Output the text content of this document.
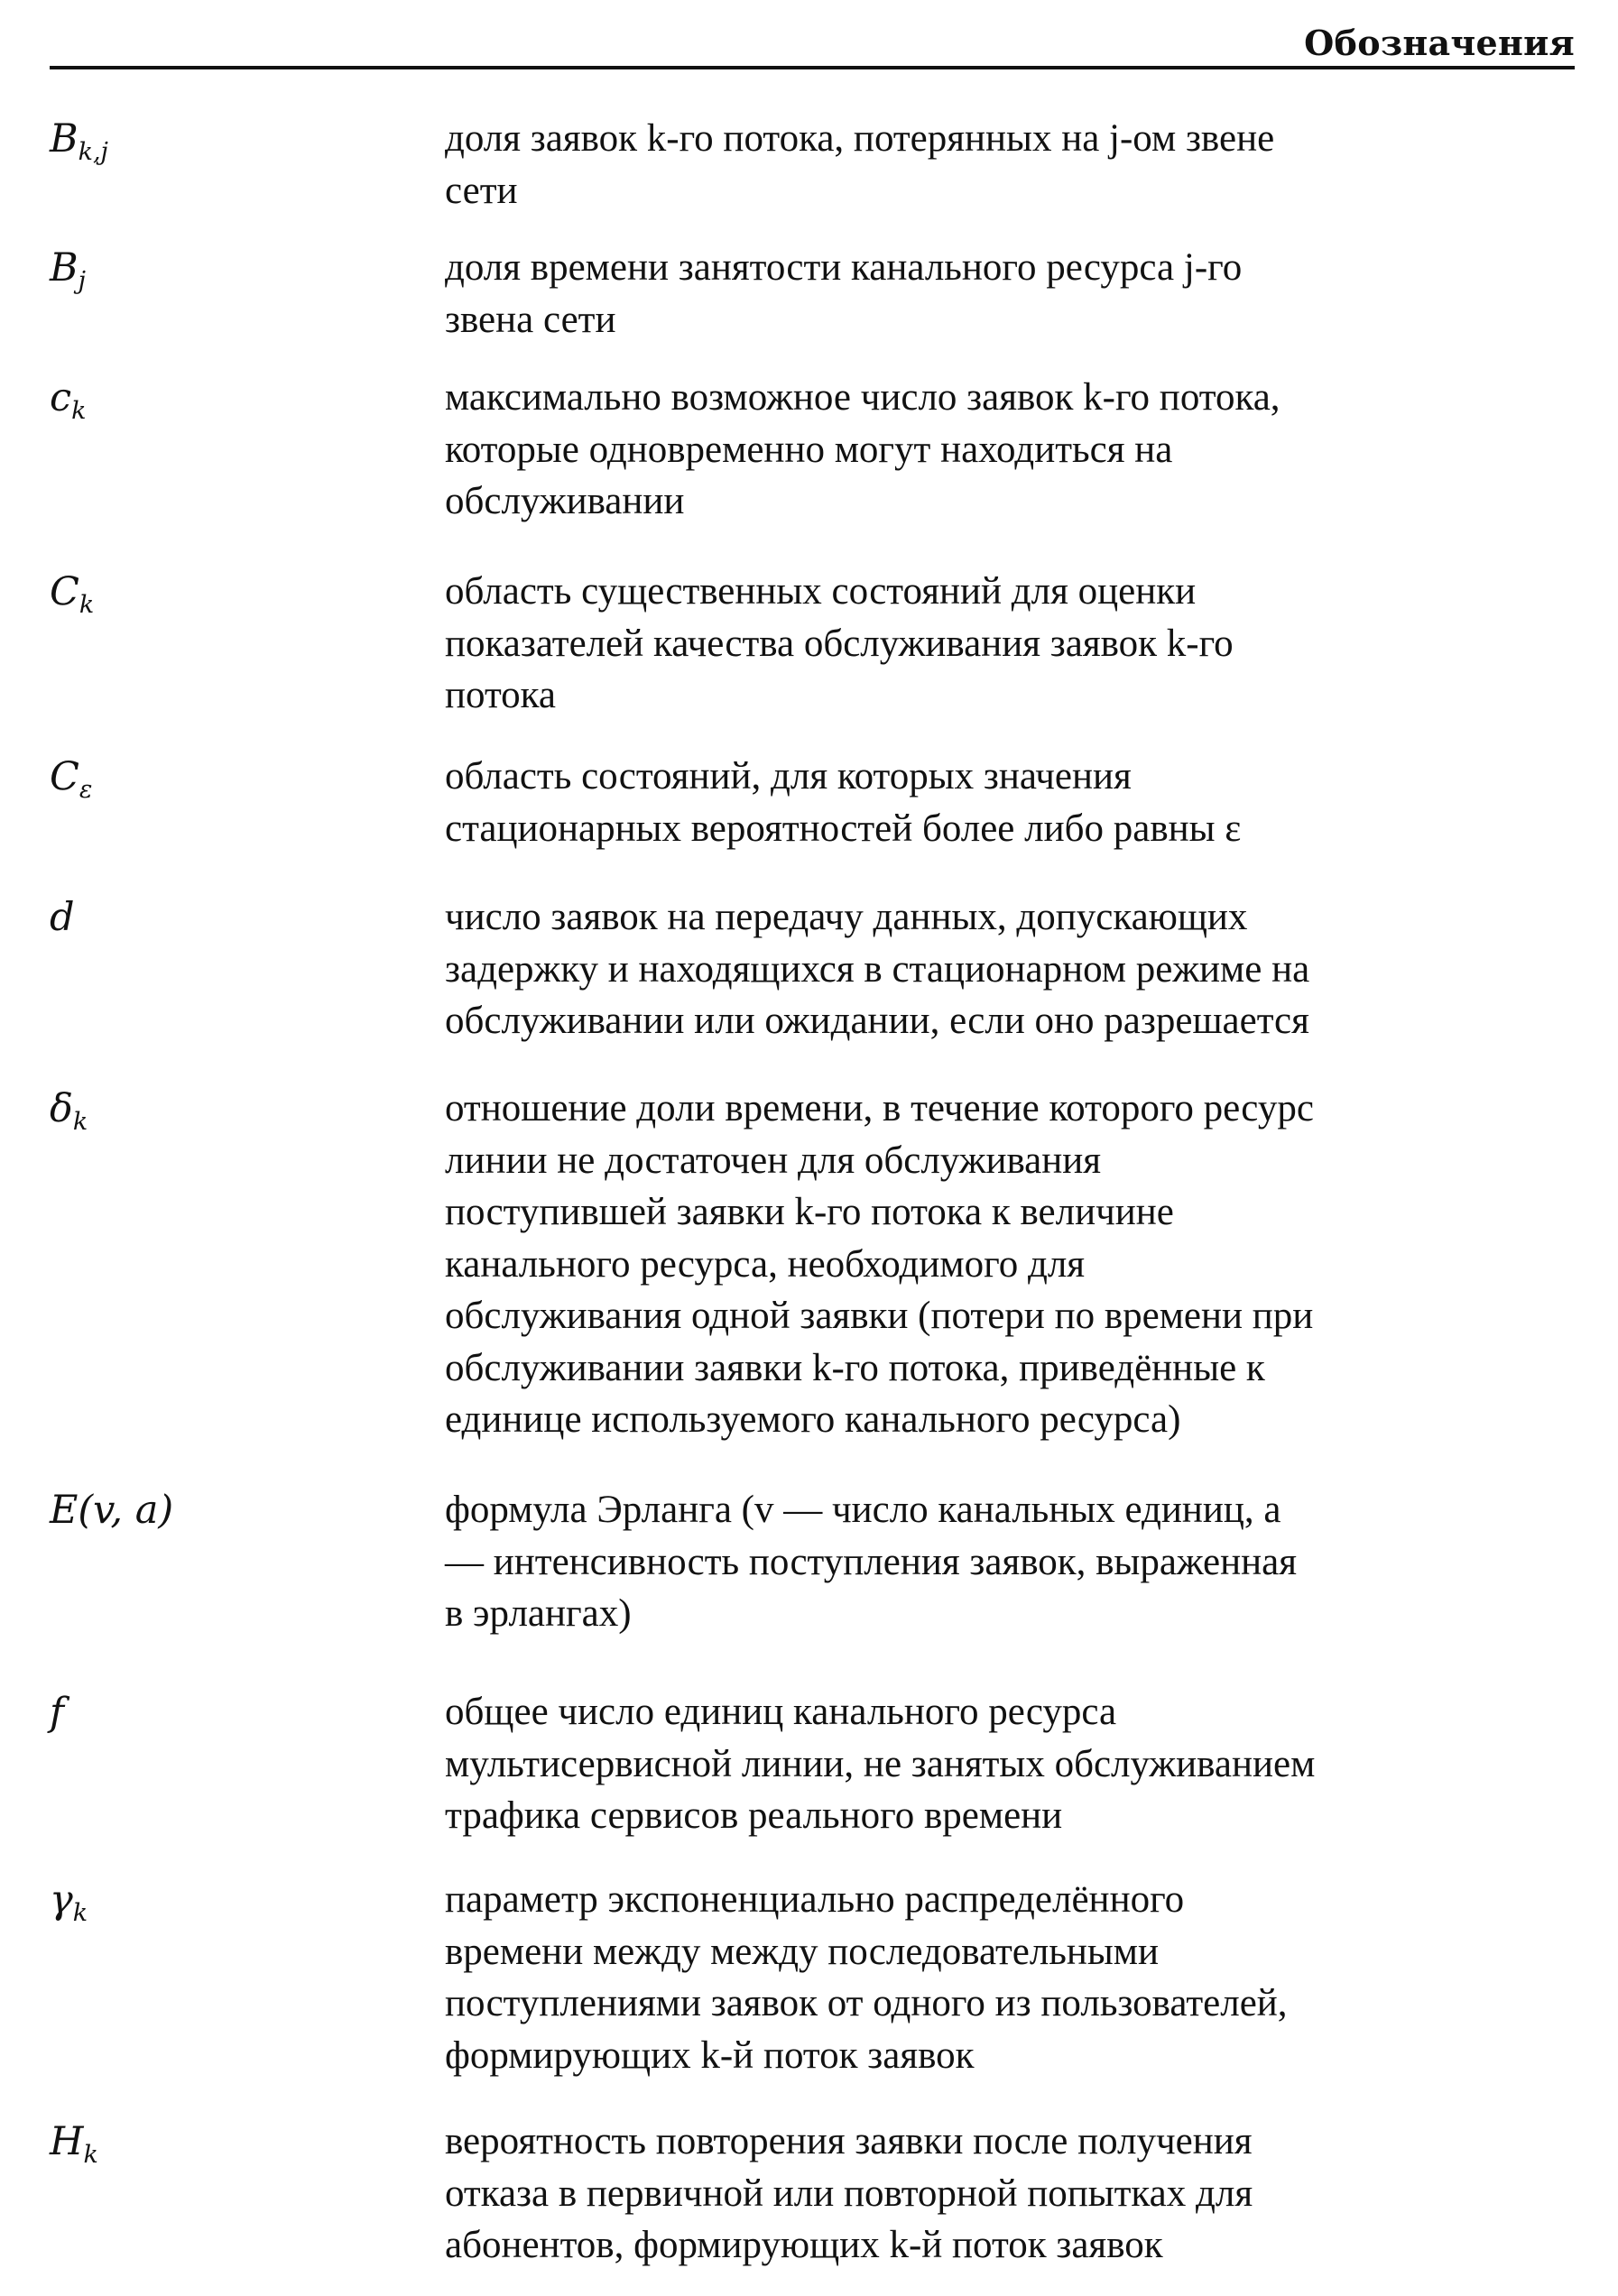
Обозначения
$B_{k,j}$	доля заявок k-го потока, потерянных на j-ом звене
сети
$B_j$	доля времени занятости канального ресурса j-го
звена сети
$c_k$	максимально возможное число заявок k-го потока,
которые одновременно могут находиться на
обслуживании
$C_k$	область существенных состояний для оценки
показателей качества обслуживания заявок k-го
потока
$C_\varepsilon$	область состояний, для которых значения
стационарных вероятностей более либо равны ε
d	число заявок на передачу данных, допускающих
задержку и находящихся в стационарном режиме на
обслуживании или ожидании, если оно разрешается
$\delta_k$	отношение доли времени, в течение которого ресурс
линии не достаточен для обслуживания
поступившей заявки k-го потока к величине
канального ресурса, необходимого для
обслуживания одной заявки (потери по времени при
обслуживании заявки k-го потока, приведённые к
единице используемого канального ресурса)
E(v, a)	формула Эрланга (v — число канальных единиц, a
— интенсивность поступления заявок, выраженная
в эрлангах)
f	общее число единиц канального ресурса
мультисервисной линии, не занятых обслуживанием
трафика сервисов реального времени
$\gamma_k$	параметр экспоненциально распределённого
времени между между последовательными
поступлениями заявок от одного из пользователей,
формирующих k-й поток заявок
$H_k$	вероятность повторения заявки после получения
отказа в первичной или повторной попытках для
абонентов, формирующих k-й поток заявок
